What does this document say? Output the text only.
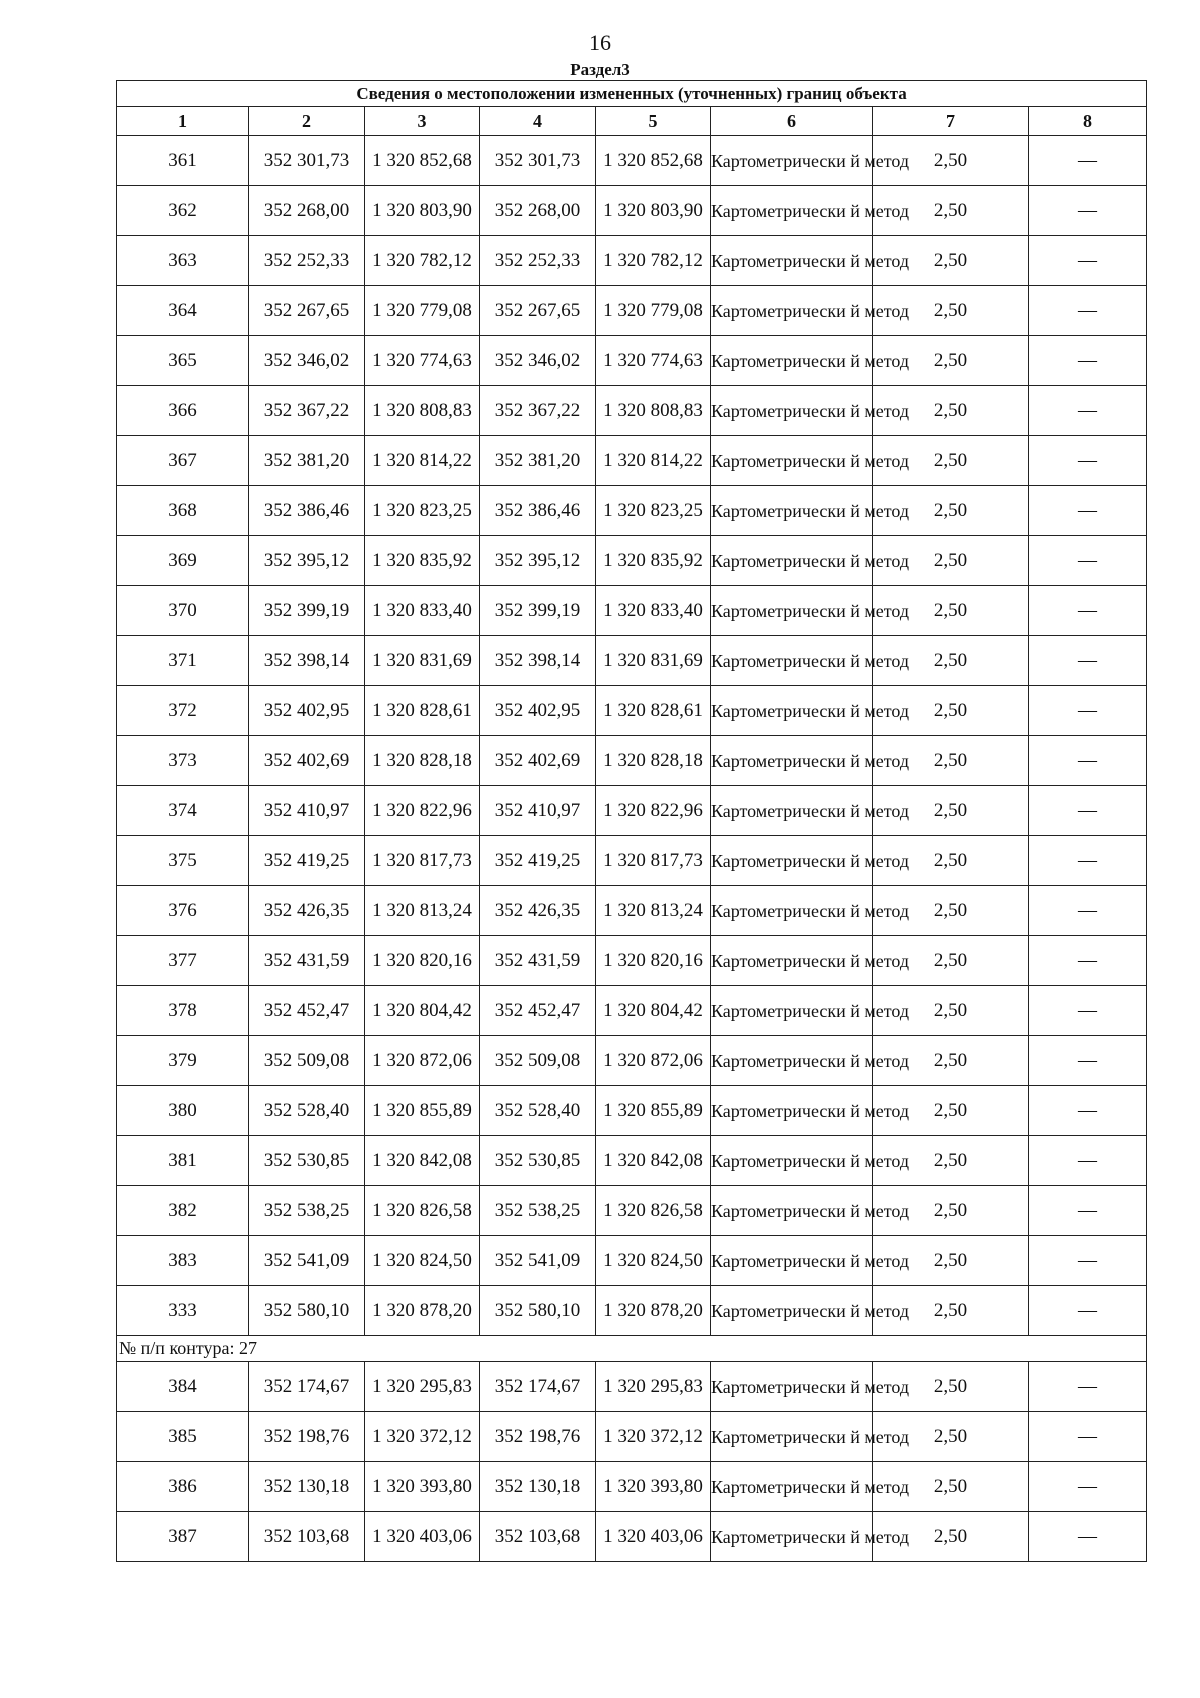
16
Раздел3
Сведения о местоположении измененных (уточненных) границ объекта							
1	2	3	4	5	6	7	8
361	352 301,73	1 320 852,68	352 301,73	1 320 852,68	Картометрически й метод	2,50	—
362	352 268,00	1 320 803,90	352 268,00	1 320 803,90	Картометрически й метод	2,50	—
363	352 252,33	1 320 782,12	352 252,33	1 320 782,12	Картометрически й метод	2,50	—
364	352 267,65	1 320 779,08	352 267,65	1 320 779,08	Картометрически й метод	2,50	—
365	352 346,02	1 320 774,63	352 346,02	1 320 774,63	Картометрически й метод	2,50	—
366	352 367,22	1 320 808,83	352 367,22	1 320 808,83	Картометрически й метод	2,50	—
367	352 381,20	1 320 814,22	352 381,20	1 320 814,22	Картометрически й метод	2,50	—
368	352 386,46	1 320 823,25	352 386,46	1 320 823,25	Картометрически й метод	2,50	—
369	352 395,12	1 320 835,92	352 395,12	1 320 835,92	Картометрически й метод	2,50	—
370	352 399,19	1 320 833,40	352 399,19	1 320 833,40	Картометрически й метод	2,50	—
371	352 398,14	1 320 831,69	352 398,14	1 320 831,69	Картометрически й метод	2,50	—
372	352 402,95	1 320 828,61	352 402,95	1 320 828,61	Картометрически й метод	2,50	—
373	352 402,69	1 320 828,18	352 402,69	1 320 828,18	Картометрически й метод	2,50	—
374	352 410,97	1 320 822,96	352 410,97	1 320 822,96	Картометрически й метод	2,50	—
375	352 419,25	1 320 817,73	352 419,25	1 320 817,73	Картометрически й метод	2,50	—
376	352 426,35	1 320 813,24	352 426,35	1 320 813,24	Картометрически й метод	2,50	—
377	352 431,59	1 320 820,16	352 431,59	1 320 820,16	Картометрически й метод	2,50	—
378	352 452,47	1 320 804,42	352 452,47	1 320 804,42	Картометрически й метод	2,50	—
379	352 509,08	1 320 872,06	352 509,08	1 320 872,06	Картометрически й метод	2,50	—
380	352 528,40	1 320 855,89	352 528,40	1 320 855,89	Картометрически й метод	2,50	—
381	352 530,85	1 320 842,08	352 530,85	1 320 842,08	Картометрически й метод	2,50	—
382	352 538,25	1 320 826,58	352 538,25	1 320 826,58	Картометрически й метод	2,50	—
383	352 541,09	1 320 824,50	352 541,09	1 320 824,50	Картометрически й метод	2,50	—
333	352 580,10	1 320 878,20	352 580,10	1 320 878,20	Картометрически й метод	2,50	—
№ п/п контура: 27							
384	352 174,67	1 320 295,83	352 174,67	1 320 295,83	Картометрически й метод	2,50	—
385	352 198,76	1 320 372,12	352 198,76	1 320 372,12	Картометрически й метод	2,50	—
386	352 130,18	1 320 393,80	352 130,18	1 320 393,80	Картометрически й метод	2,50	—
387	352 103,68	1 320 403,06	352 103,68	1 320 403,06	Картометрически й метод	2,50	—
